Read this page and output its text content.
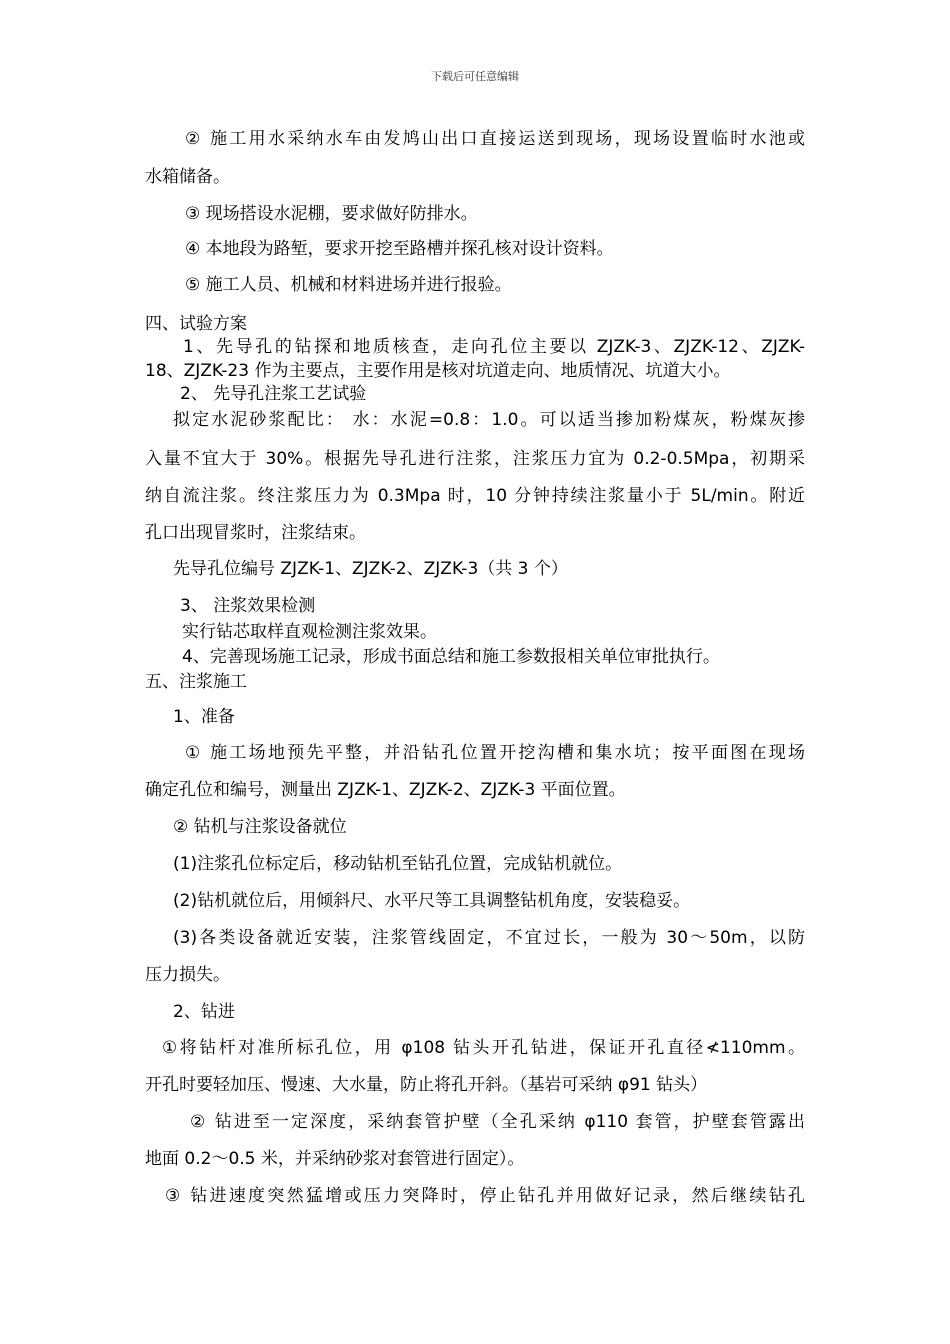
下载后可任意编辑
② 施工用水采纳水车由发鸠山出口直接运送到现场，现场设置临时水池或
水箱储备。
③ 现场搭设水泥棚，要求做好防排水。
④ 本地段为路堑，要求开挖至路槽并探孔核对设计资料。
⑤ 施工人员、机械和材料进场并进行报验。
四、试验方案
1、先导孔的钻探和地质核查，走向孔位主要以 ZJZK-3、ZJZK-12、ZJZK-
18、ZJZK-23 作为主要点，主要作用是核对坑道走向、地质情况、坑道大小。
2、 先导孔注浆工艺试验
拟定水泥砂浆配比： 水：水泥=0.8：1.0。可以适当掺加粉煤灰，粉煤灰掺
入量不宜大于 30%。根据先导孔进行注浆，注浆压力宜为 0.2-0.5Mpa，初期采
纳自流注浆。终注浆压力为 0.3Mpa 时，10 分钟持续注浆量小于 5L/min。附近
孔口出现冒浆时，注浆结束。
先导孔位编号 ZJZK-1、ZJZK-2、ZJZK-3（共 3 个）
3、 注浆效果检测
实行钻芯取样直观检测注浆效果。
4、完善现场施工记录，形成书面总结和施工参数报相关单位审批执行。
五、注浆施工
1、准备
① 施工场地预先平整，并沿钻孔位置开挖沟槽和集水坑；按平面图在现场
确定孔位和编号，测量出 ZJZK-1、ZJZK-2、ZJZK-3 平面位置。
② 钻机与注浆设备就位
(1)注浆孔位标定后，移动钻机至钻孔位置，完成钻机就位。
(2)钻机就位后，用倾斜尺、水平尺等工具调整钻机角度，安装稳妥。
(3)各类设备就近安装，注浆管线固定，不宜过长，一般为 30～50m，以防
压力损失。
2、钻进
①将钻杆对准所标孔位，用 φ108 钻头开孔钻进，保证开孔直径≮110mm。
开孔时要轻加压、慢速、大水量，防止将孔开斜。（基岩可采纳 φ91 钻头）
② 钻进至一定深度，采纳套管护壁（全孔采纳 φ110 套管，护壁套管露出
地面 0.2～0.5 米，并采纳砂浆对套管进行固定）。
③ 钻进速度突然猛增或压力突降时，停止钻孔并用做好记录，然后继续钻孔
